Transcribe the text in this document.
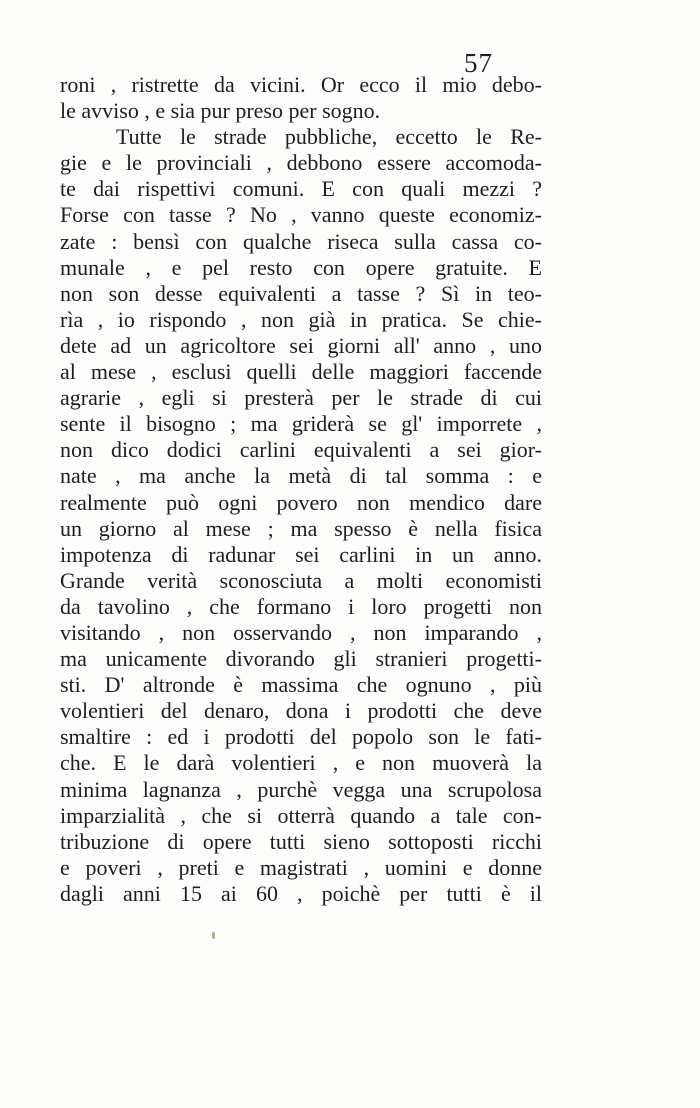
57
roni , ristrette da vicini. Or ecco il mio debo-
le avviso , e sia pur preso per sogno.
Tutte le strade pubbliche, eccetto le Re-
gie e le provinciali , debbono essere accomoda-
te dai rispettivi comuni. E con quali mezzi ?
Forse con tasse ? No , vanno queste economiz-
zate : bensì con qualche riseca sulla cassa co-
munale , e pel resto con opere gratuite. E
non son desse equivalenti a tasse ? Sì in teo-
rìa , io rispondo , non già in pratica. Se chie-
dete ad un agricoltore sei giorni all' anno , uno
al mese , esclusi quelli delle maggiori faccende
agrarie , egli si presterà per le strade di cui
sente il bisogno ; ma griderà se gl' imporrete ,
non dico dodici carlini equivalenti a sei gior-
nate , ma anche la metà di tal somma : e
realmente può ogni povero non mendico dare
un giorno al mese ; ma spesso è nella fisica
impotenza di radunar sei carlini in un anno.
Grande verità sconosciuta a molti economisti
da tavolino , che formano i loro progetti non
visitando , non osservando , non imparando ,
ma unicamente divorando gli stranieri progetti-
sti. D' altronde è massima che ognuno , più
volentieri del denaro, dona i prodotti che deve
smaltire : ed i prodotti del popolo son le fati-
che. E le darà volentieri , e non muoverà la
minima lagnanza , purchè vegga una scrupolosa
imparzialità , che si otterrà quando a tale con-
tribuzione di opere tutti sieno sottoposti ricchi
e poveri , preti e magistrati , uomini e donne
dagli anni 15 ai 60 , poichè per tutti è il
